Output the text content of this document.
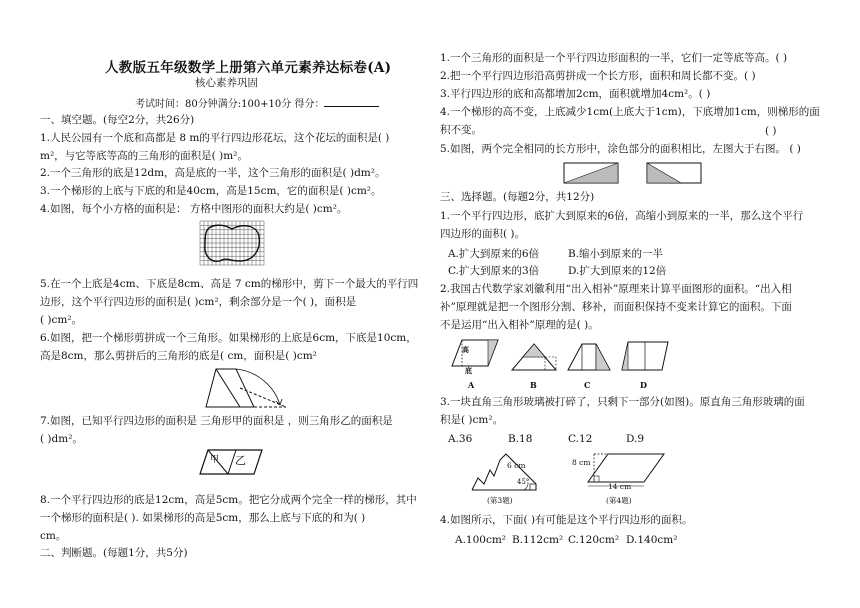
人教版五年级数学上册第六单元素养达标卷(A)
核心素养巩固
考试时间：80分钟满分:100+10分 得分：
一、填空题。(每空2分，共26分)
1.人民公园有一个底和高都是 8 m的平行四边形花坛，这个花坛的面积是( )
m²，与它等底等高的三角形的面积是( )m²。
2.一个三角形的底是12dm，高是底的一半，这个三角形的面积是( )dm²。
3.一个梯形的上底与下底的和是40cm，高是15cm，它的面积是( )cm²。
4.如图，每个小方格的面积是： 方格中图形的面积大约是( )cm²。
5.在一个上底是4cm、下底是8cm、高是 7 cm的梯形中，剪下一个最大的平行四
边形，这个平行四边形的面积是( )cm²，剩余部分是一个( )，面积是
( )cm²。
6.如图，把一个梯形剪拼成一个三角形。如果梯形的上底是6cm，下底是10cm，
高是8cm，那么剪拼后的三角形的底是( cm，面积是( )cm²
7.如图，已知平行四边形的面积是 三角形甲的面积是 ，则三角形乙的面积是
( )dm²。
甲 乙
8.一个平行四边形的底是12cm，高是5cm。把它分成两个完全一样的梯形，其中
一个梯形的面积是( ). 如果梯形的高是5cm，那么上底与下底的和为( )
cm。
二、判断题。(每题1分，共5分)
1.一个三角形的面积是一个平行四边形面积的一半，它们一定等底等高。( )
2.把一个平行四边形沿高剪拼成一个长方形，面积和周长都不变。( )
3.平行四边形的底和高都增加2cm，面积就增加4cm²。( )
4.一个梯形的高不变，上底减少1cm(上底大于1cm)，下底增加1cm，则梯形的面
积不变。	( )
5.如图，两个完全相同的长方形中，涂色部分的面积相比，左图大于右图。 ( )
三、选择题。(每题2分，共12分)
1.一个平行四边形，底扩大到原来的6倍，高缩小到原来的一半，那么这个平行
四边形的面积( )。
A.扩大到原来的6倍	B.缩小到原来的一半
C.扩大到原来的3倍	D.扩大到原来的12倍
2.我国古代数学家刘徽利用“出入相补”原理来计算平面图形的面积。“出入相
补”原理就是把一个图形分割、移补，而面积保持不变来计算它的面积。下面
不是运用“出入相补”原理的是( )。
高
底
A	B	C	D
3.一块直角三角形玻璃被打碎了，只剩下一部分(如图)。原直角三角形玻璃的面
积是( )cm²。
A.36	B.18	C.12	D.9
6 cm
45°
(第3题)
8 cm
14 cm
(第4题)
4.如图所示，下面( )有可能是这个平行四边形的面积。
A.100cm² B.112cm² C.120cm² D.140cm²
